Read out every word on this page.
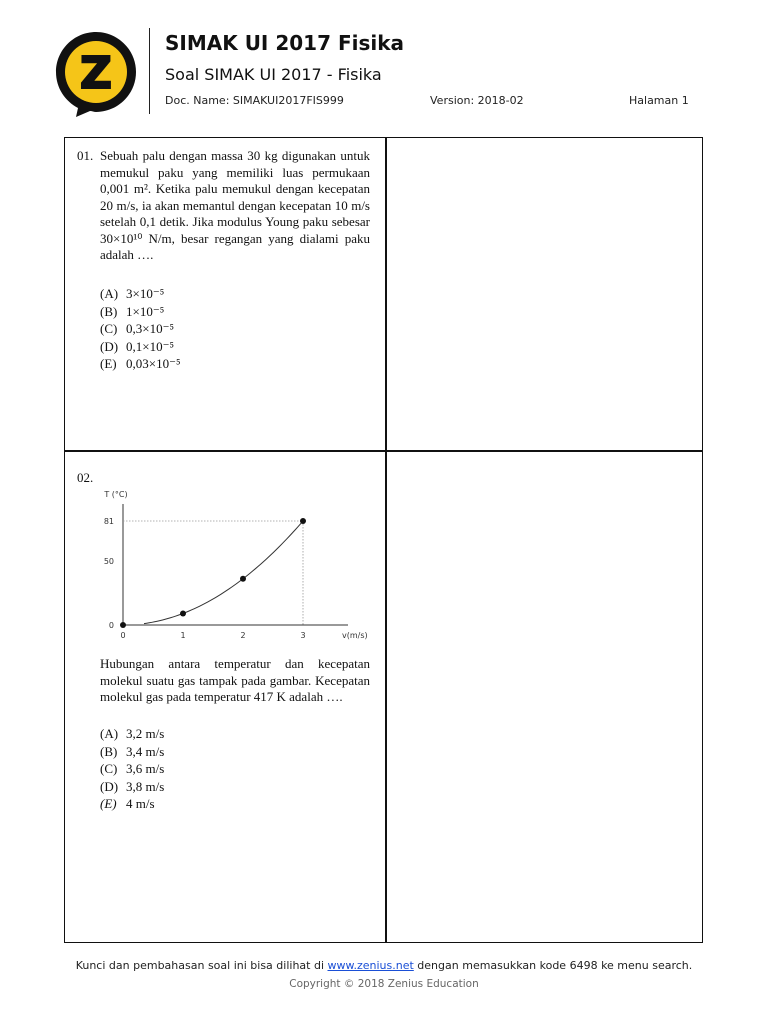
Z
SIMAK UI 2017 Fisika
Soal SIMAK UI 2017 - Fisika
Doc. Name: SIMAKUI2017FIS999	Version: 2018-02	Halaman 1
01. Sebuah palu dengan massa 30 kg digunakan untuk memukul paku yang memiliki luas permukaan 0,001 m². Ketika palu memukul dengan kecepatan 20 m/s, ia akan memantul dengan kecepatan 10 m/s setelah 0,1 detik. Jika modulus Young paku sebesar 30×10¹⁰ N/m, besar regangan yang dialami paku adalah ….
(A) 3×10⁻⁵
(B) 1×10⁻⁵
(C) 0,3×10⁻⁵
(D) 0,1×10⁻⁵
(E) 0,03×10⁻⁵
02.
T (°C)
v(m/s)
0	1	2	3
0
50
81
Hubungan antara temperatur dan kecepatan molekul suatu gas tampak pada gambar. Kecepatan molekul gas pada temperatur 417 K adalah ….
(A) 3,2 m/s
(B) 3,4 m/s
(C) 3,6 m/s
(D) 3,8 m/s
(E) 4 m/s
Kunci dan pembahasan soal ini bisa dilihat di www.zenius.net dengan memasukkan kode 6498 ke menu search.
Copyright © 2018 Zenius Education
